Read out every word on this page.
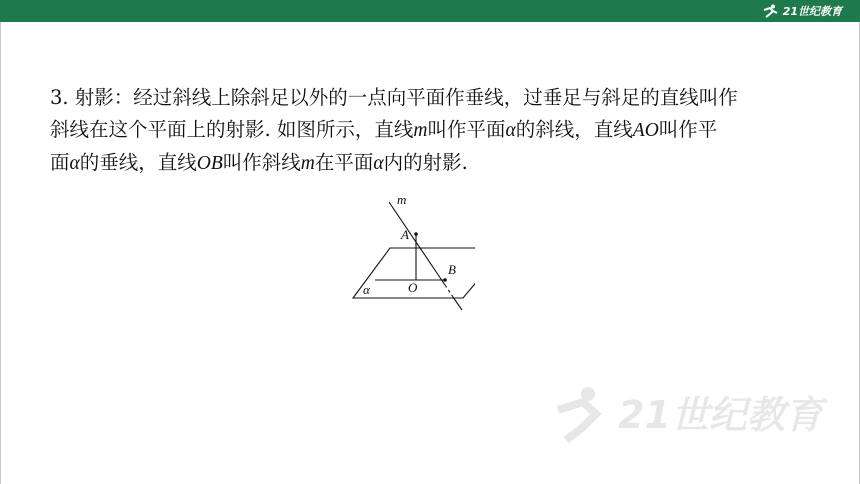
21世纪教育

3. 射影：经过斜线上除斜足以外的一点向平面作垂线，过垂足与斜足的直线叫作

斜线在这个平面上的射影. 如图所示，直线m叫作平面α的斜线，直线AO叫作平

面α的垂线，直线OB叫作斜线m在平面α内的射影.

m
A
B
O
α
21世纪教育
